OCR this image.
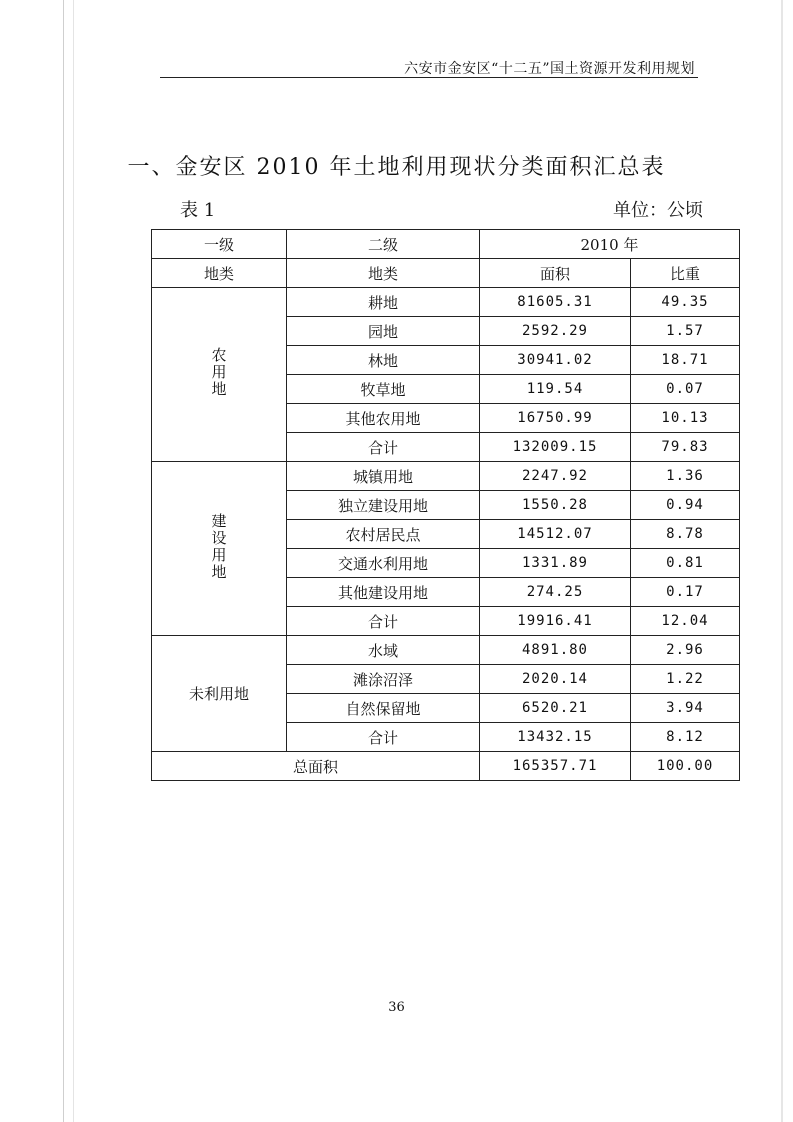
六安市金安区“十二五”国土资源开发利用规划
一、金安区 2010 年土地利用现状分类面积汇总表
表 1	单位：公顷
一级	二级	2010 年	
地类	地类	面积	比重
农用地	耕地	81605.31	49.35
	园地	2592.29	1.57
	林地	30941.02	18.71
	牧草地	119.54	0.07
	其他农用地	16750.99	10.13
	合计	132009.15	79.83
建设用地	城镇用地	2247.92	1.36
	独立建设用地	1550.28	0.94
	农村居民点	14512.07	8.78
	交通水利用地	1331.89	0.81
	其他建设用地	274.25	0.17
	合计	19916.41	12.04
未利用地	水域	4891.80	2.96
	滩涂沼泽	2020.14	1.22
	自然保留地	6520.21	3.94
	合计	13432.15	8.12
总面积		165357.71	100.00
36
